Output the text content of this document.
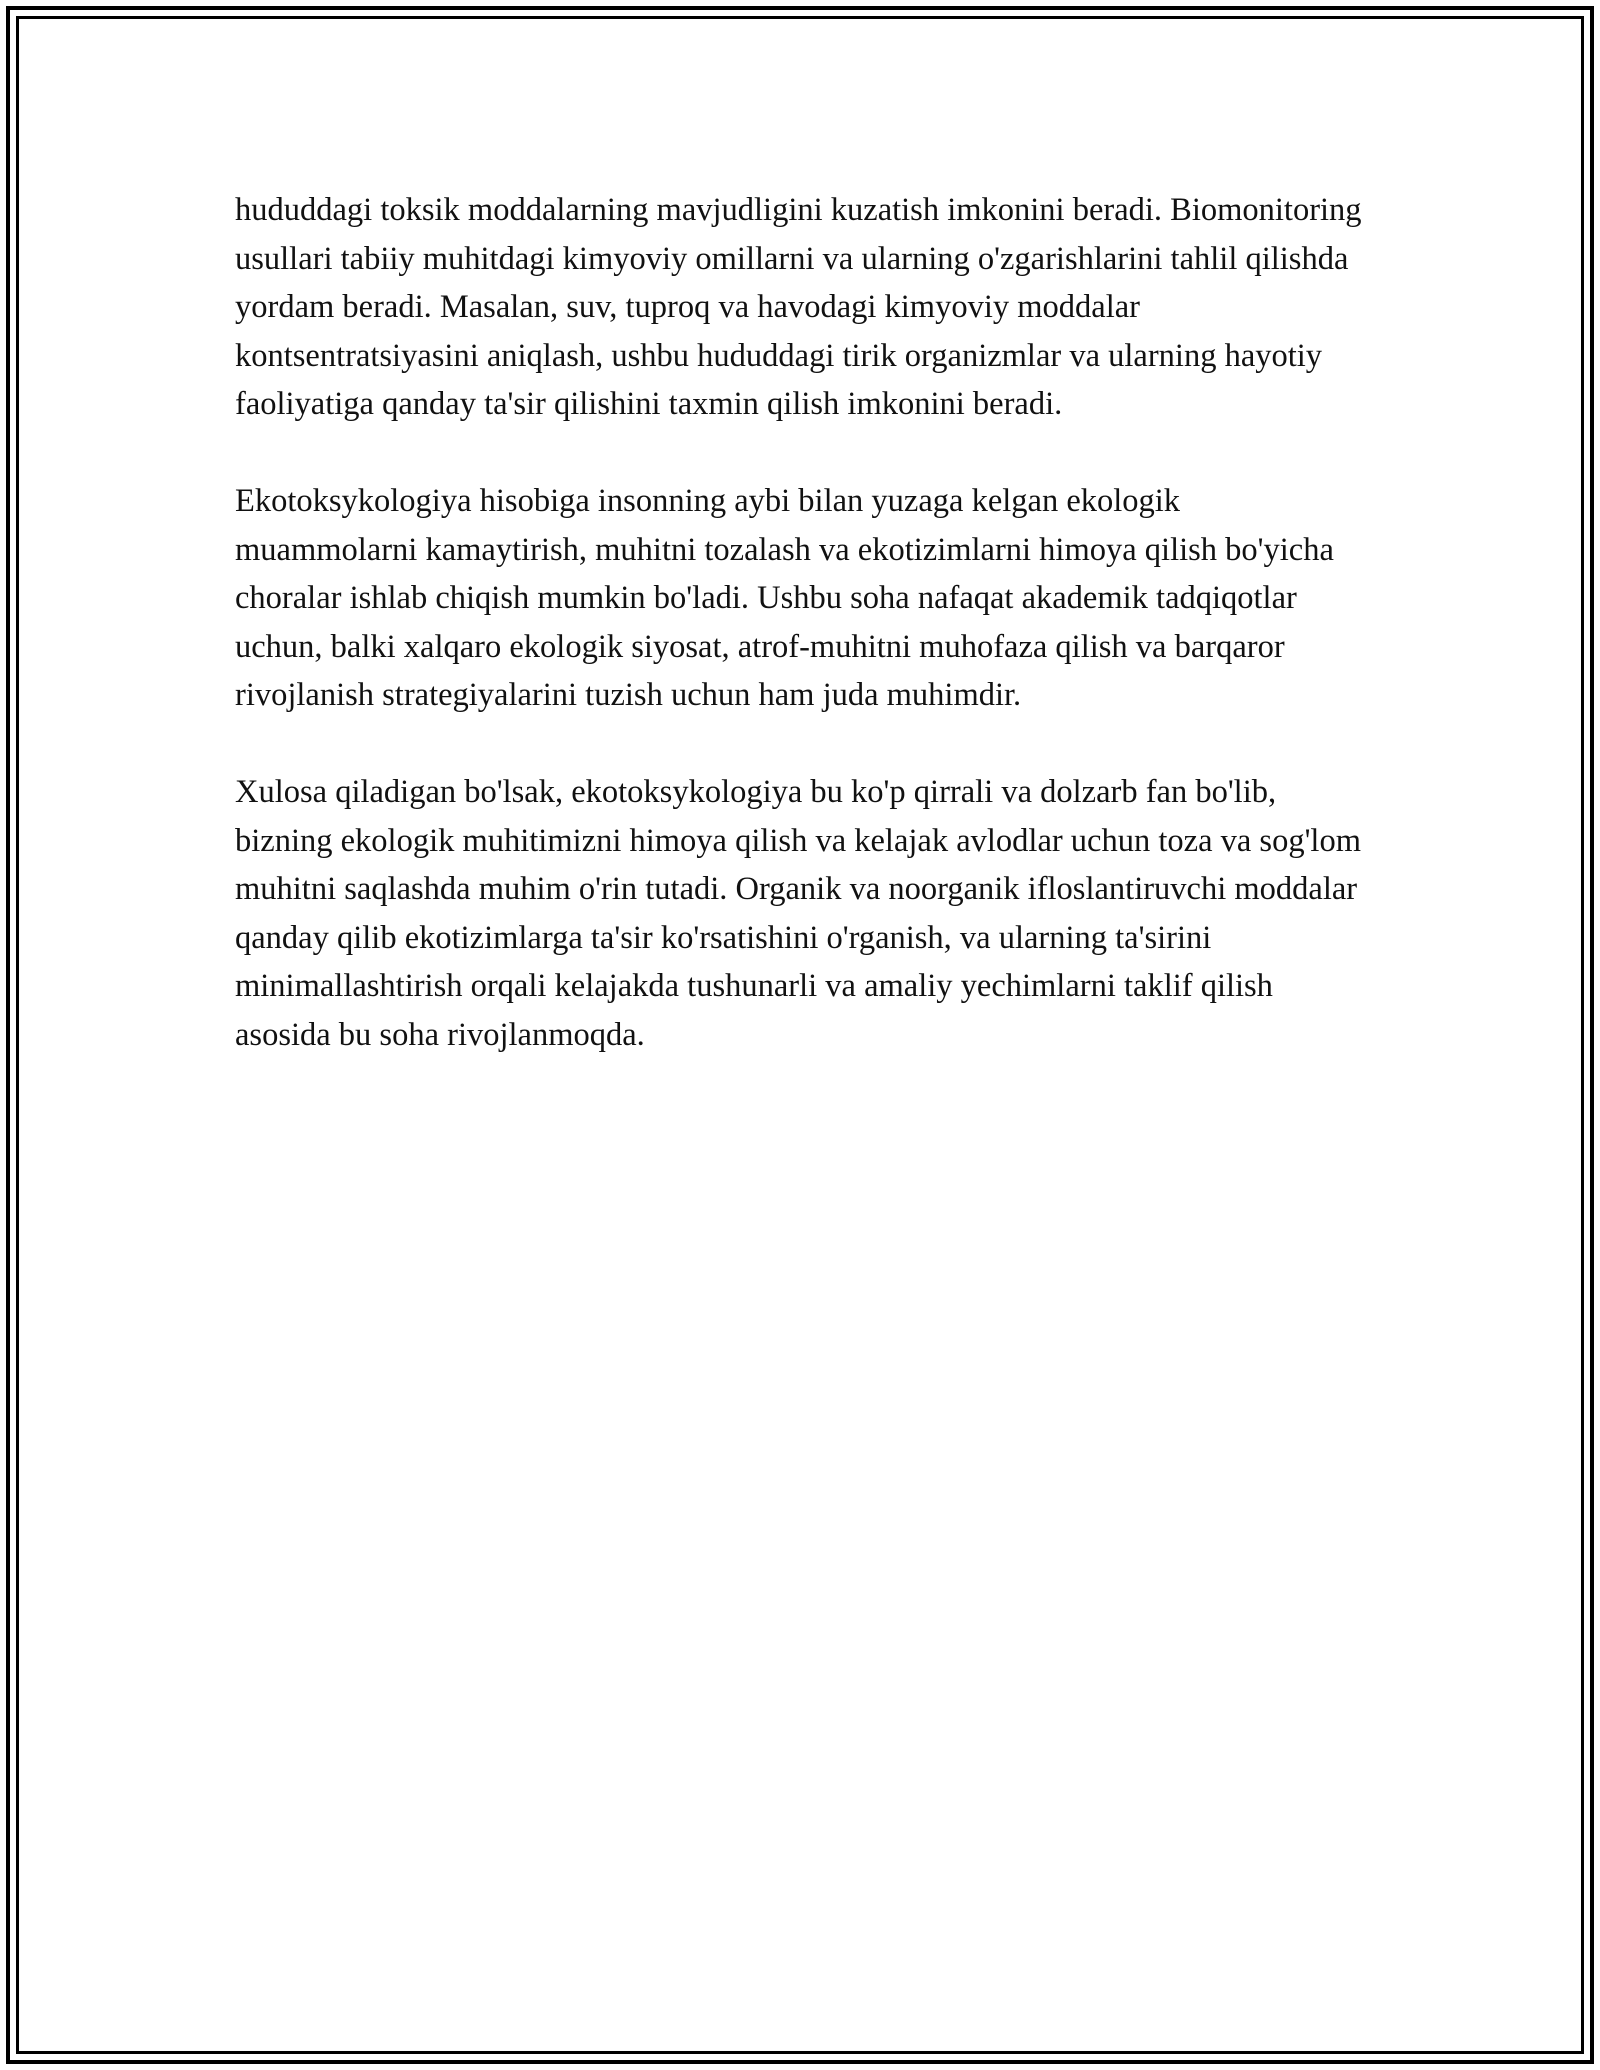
hududdagi toksik moddalarning mavjudligini kuzatish imkonini beradi. Biomonitoring usullari tabiiy muhitdagi kimyoviy omillarni va ularning o'zgarishlarini tahlil qilishda yordam beradi. Masalan, suv, tuproq va havodagi kimyoviy moddalar kontsentratsiyasini aniqlash, ushbu hududdagi tirik organizmlar va ularning hayotiy faoliyatiga qanday ta'sir qilishini taxmin qilish imkonini beradi.

Ekotoksykologiya hisobiga insonning aybi bilan yuzaga kelgan ekologik muammolarni kamaytirish, muhitni tozalash va ekotizimlarni himoya qilish bo'yicha choralar ishlab chiqish mumkin bo'ladi. Ushbu soha nafaqat akademik tadqiqotlar uchun, balki xalqaro ekologik siyosat, atrof-muhitni muhofaza qilish va barqaror rivojlanish strategiyalarini tuzish uchun ham juda muhimdir.

Xulosa qiladigan bo'lsak, ekotoksykologiya bu ko'p qirrali va dolzarb fan bo'lib, bizning ekologik muhitimizni himoya qilish va kelajak avlodlar uchun toza va sog'lom muhitni saqlashda muhim o'rin tutadi. Organik va noorganik ifloslantiruvchi moddalar qanday qilib ekotizimlarga ta'sir ko'rsatishini o'rganish, va ularning ta'sirini minimallashtirish orqali kelajakda tushunarli va amaliy yechimlarni taklif qilish asosida bu soha rivojlanmoqda.
